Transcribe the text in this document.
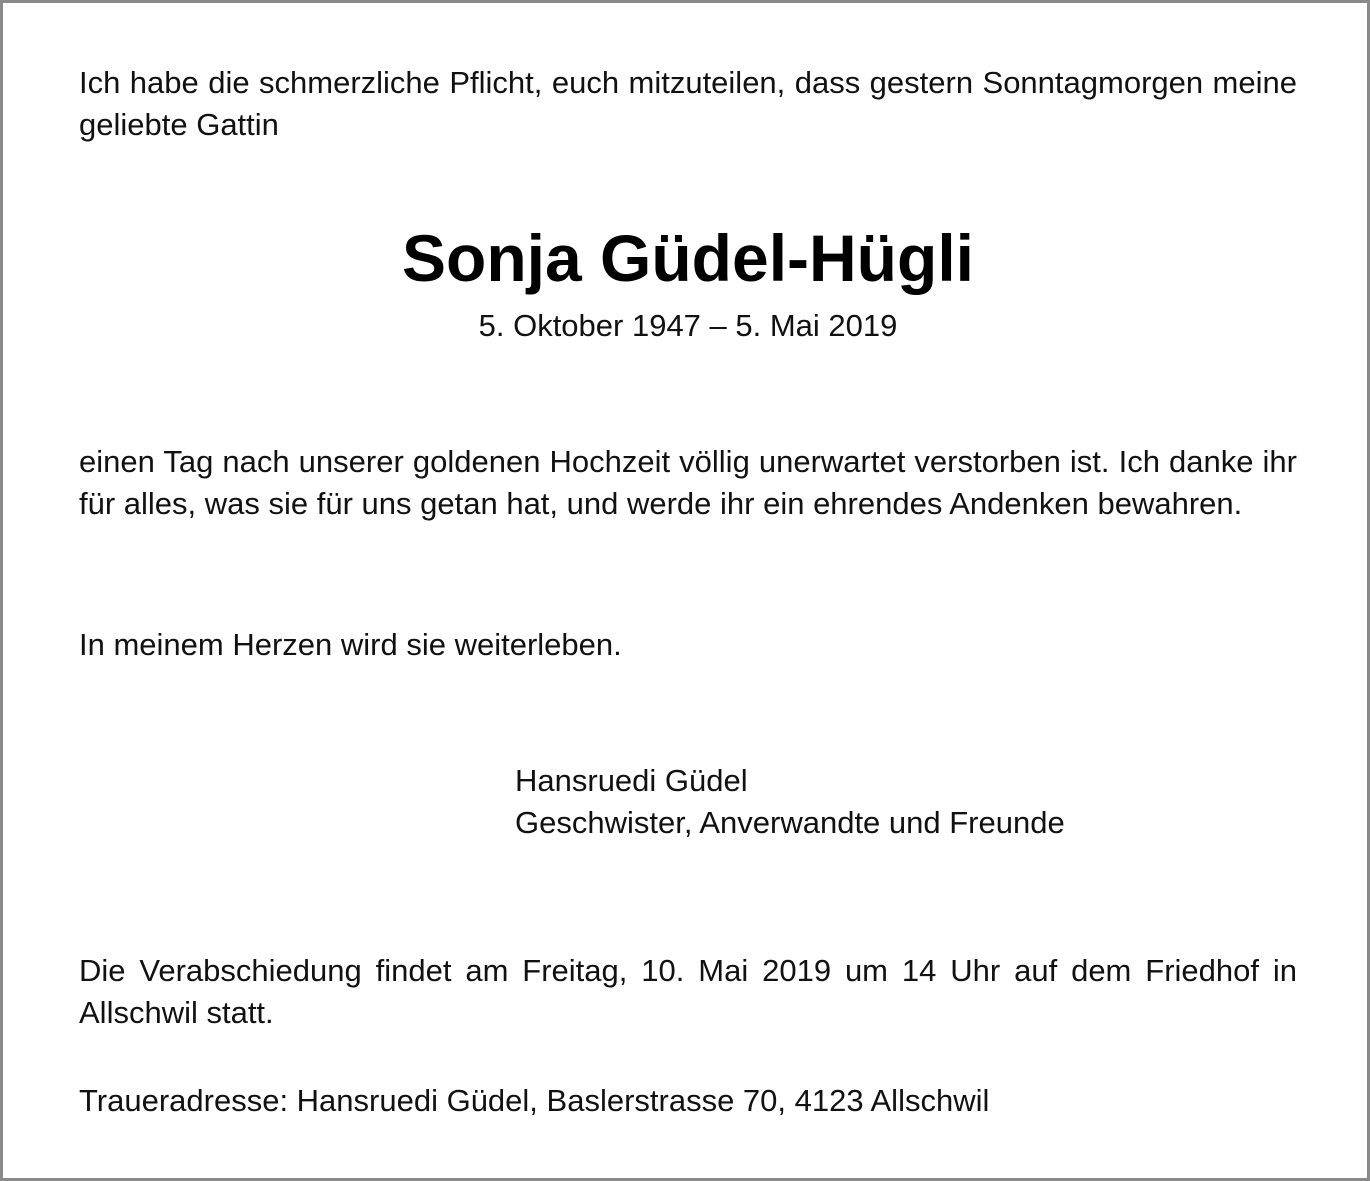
Ich habe die schmerzliche Pflicht, euch mitzuteilen, dass gestern Sonntagmorgen meine geliebte Gattin

Sonja Güdel-Hügli

5. Oktober 1947 – 5. Mai 2019

einen Tag nach unserer goldenen Hochzeit völlig unerwartet verstorben ist. Ich danke ihr für alles, was sie für uns getan hat, und werde ihr ein ehrendes Andenken bewahren.

In meinem Herzen wird sie weiterleben.

Hansruedi Güdel
Geschwister, Anverwandte und Freunde

Die Verabschiedung findet am Freitag, 10. Mai 2019 um 14 Uhr auf dem Friedhof in Allschwil statt.

Traueradresse: Hansruedi Güdel, Baslerstrasse 70, 4123 Allschwil
